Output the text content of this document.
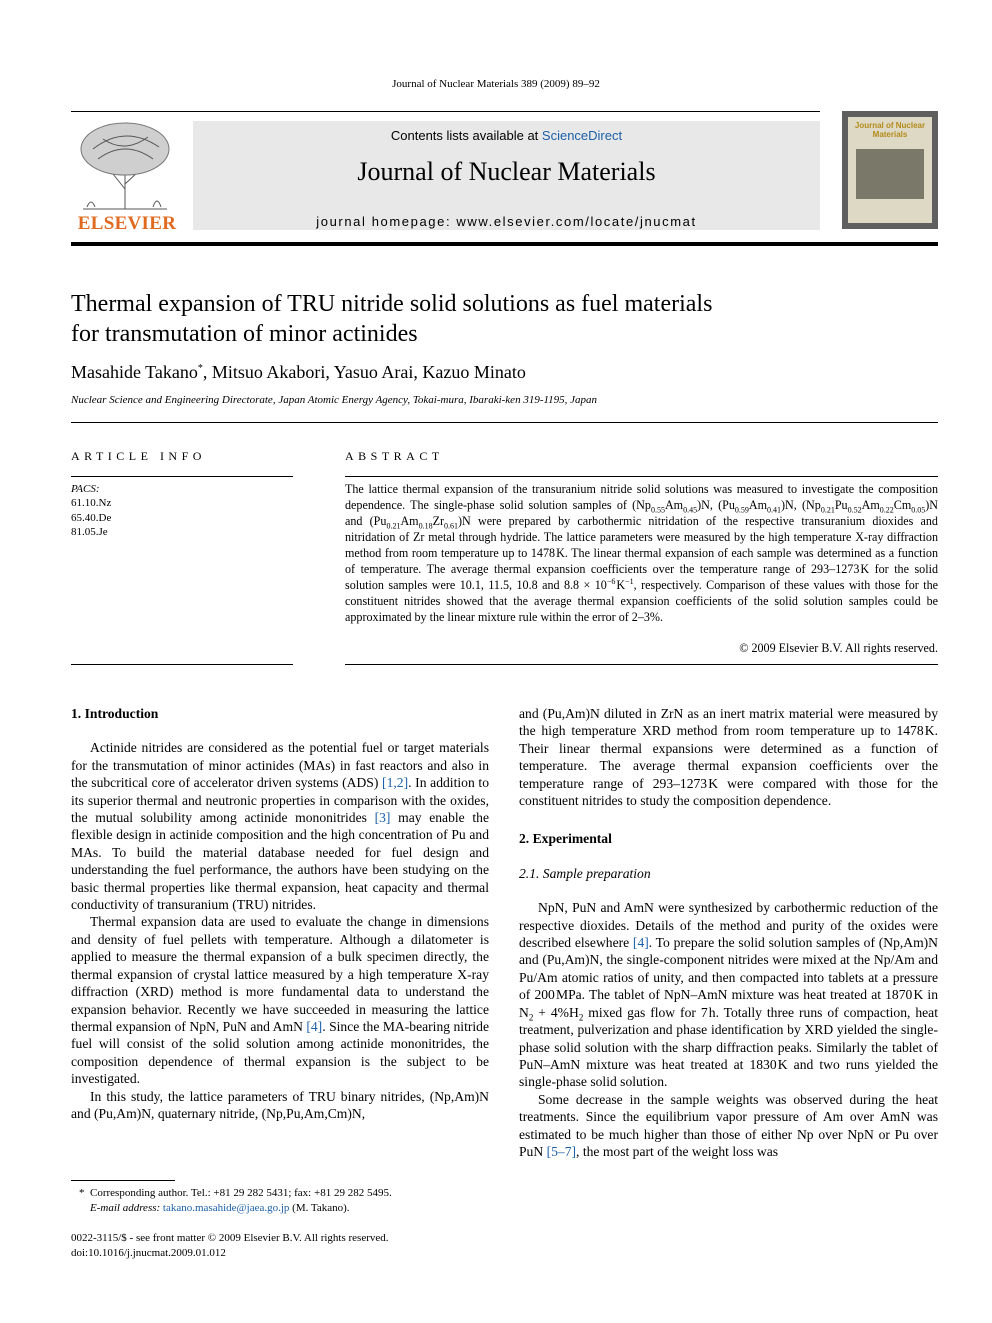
Journal of Nuclear Materials 389 (2009) 89–92
ELSEVIER
Contents lists available at ScienceDirect
Journal of Nuclear Materials
journal homepage: www.elsevier.com/locate/jnucmat
Journal of Nuclear Materials
Thermal expansion of TRU nitride solid solutions as fuel materials
for transmutation of minor actinides
Masahide Takano*, Mitsuo Akabori, Yasuo Arai, Kazuo Minato
Nuclear Science and Engineering Directorate, Japan Atomic Energy Agency, Tokai-mura, Ibaraki-ken 319-1195, Japan
ARTICLE INFO	ABSTRACT
PACS:
61.10.Nz
65.40.De
81.05.Je
The lattice thermal expansion of the transuranium nitride solid solutions was measured to investigate the composition dependence. The single-phase solid solution samples of $(Np_{0.55}Am_{0.45})N$, $(Pu_{0.59}Am_{0.41})N$, $(Np_{0.21}Pu_{0.52}Am_{0.22}Cm_{0.05})N$ and $(Pu_{0.21}Am_{0.18}Zr_{0.61})N$ were prepared by carbothermic nitridation of the respective transuranium dioxides and nitridation of Zr metal through hydride. The lattice parameters were measured by the high temperature X-ray diffraction method from room temperature up to 1478 K. The linear thermal expansion of each sample was determined as a function of temperature. The average thermal expansion coefficients over the temperature range of 293–1273 K for the solid solution samples were 10.1, 11.5, 10.8 and $8.8 \times 10^{-6}$ $K^{-1}$, respectively. Comparison of these values with those for the constituent nitrides showed that the average thermal expansion coefficients of the solid solution samples could be approximated by the linear mixture rule within the error of 2–3%.
© 2009 Elsevier B.V. All rights reserved.
1. Introduction

Actinide nitrides are considered as the potential fuel or target materials for the transmutation of minor actinides (MAs) in fast reactors and also in the subcritical core of accelerator driven systems (ADS) [1,2]. In addition to its superior thermal and neutronic properties in comparison with the oxides, the mutual solubility among actinide mononitrides [3] may enable the flexible design in actinide composition and the high concentration of Pu and MAs. To build the material database needed for fuel design and understanding the fuel performance, the authors have been studying on the basic thermal properties like thermal expansion, heat capacity and thermal conductivity of transuranium (TRU) nitrides.

Thermal expansion data are used to evaluate the change in dimensions and density of fuel pellets with temperature. Although a dilatometer is applied to measure the thermal expansion of a bulk specimen directly, the thermal expansion of crystal lattice measured by a high temperature X-ray diffraction (XRD) method is more fundamental data to understand the expansion behavior. Recently we have succeeded in measuring the lattice thermal expansion of NpN, PuN and AmN [4]. Since the MA-bearing nitride fuel will consist of the solid solution among actinide mononitrides, the composition dependence of thermal expansion is the subject to be investigated.

In this study, the lattice parameters of TRU binary nitrides, (Np,Am)N and (Pu,Am)N, quaternary nitride, (Np,Pu,Am,Cm)N,

and (Pu,Am)N diluted in ZrN as an inert matrix material were measured by the high temperature XRD method from room temperature up to 1478 K. Their linear thermal expansions were determined as a function of temperature. The average thermal expansion coefficients over the temperature range of 293–1273 K were compared with those for the constituent nitrides to study the composition dependence.

2. Experimental
2.1. Sample preparation

NpN, PuN and AmN were synthesized by carbothermic reduction of the respective dioxides. Details of the method and purity of the oxides were described elsewhere [4]. To prepare the solid solution samples of (Np,Am)N and (Pu,Am)N, the single-component nitrides were mixed at the Np/Am and Pu/Am atomic ratios of unity, and then compacted into tablets at a pressure of 200 MPa. The tablet of NpN–AmN mixture was heat treated at 1870 K in $N_2 + 4\%H_2$ mixed gas flow for 7 h. Totally three runs of compaction, heat treatment, pulverization and phase identification by XRD yielded the single-phase solid solution with the sharp diffraction peaks. Similarly the tablet of PuN–AmN mixture was heat treated at 1830 K and two runs yielded the single-phase solid solution.

Some decrease in the sample weights was observed during the heat treatments. Since the equilibrium vapor pressure of Am over AmN was estimated to be much higher than those of either Np over NpN or Pu over PuN [5–7], the most part of the weight loss was

* Corresponding author. Tel.: +81 29 282 5431; fax: +81 29 282 5495.
E-mail address: takano.masahide@jaea.go.jp (M. Takano).
0022-3115/$ - see front matter © 2009 Elsevier B.V. All rights reserved.
doi:10.1016/j.jnucmat.2009.01.012
